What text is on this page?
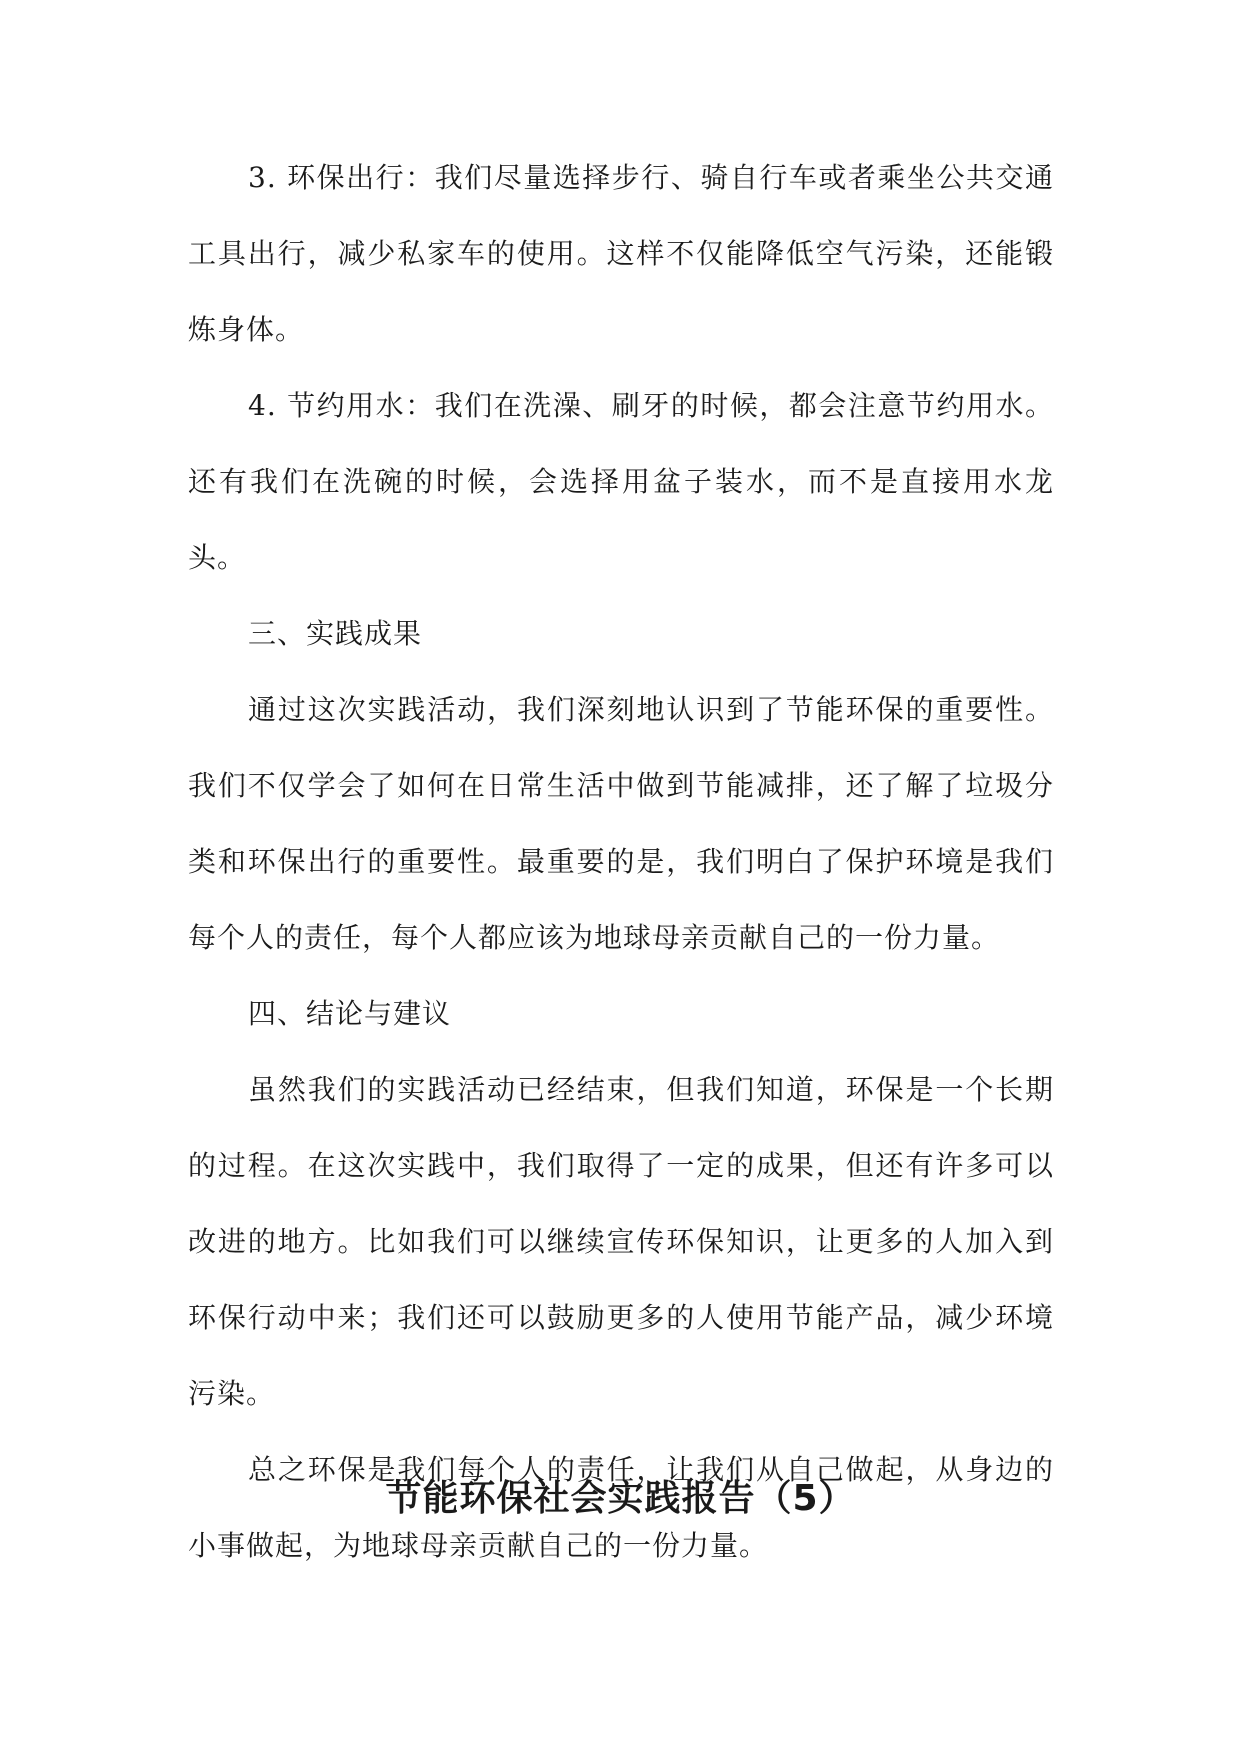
3. 环保出行：我们尽量选择步行、骑自行车或者乘坐公共交通工具出行，减少私家车的使用。这样不仅能降低空气污染，还能锻炼身体。

4. 节约用水：我们在洗澡、刷牙的时候，都会注意节约用水。还有我们在洗碗的时候，会选择用盆子装水，而不是直接用水龙头。

三、实践成果

通过这次实践活动，我们深刻地认识到了节能环保的重要性。我们不仅学会了如何在日常生活中做到节能减排，还了解了垃圾分类和环保出行的重要性。最重要的是，我们明白了保护环境是我们每个人的责任，每个人都应该为地球母亲贡献自己的一份力量。

四、结论与建议

虽然我们的实践活动已经结束，但我们知道，环保是一个长期的过程。在这次实践中，我们取得了一定的成果，但还有许多可以改进的地方。比如我们可以继续宣传环保知识，让更多的人加入到环保行动中来；我们还可以鼓励更多的人使用节能产品，减少环境污染。

总之环保是我们每个人的责任，让我们从自己做起，从身边的小事做起，为地球母亲贡献自己的一份力量。

节能环保社会实践报告（5）
